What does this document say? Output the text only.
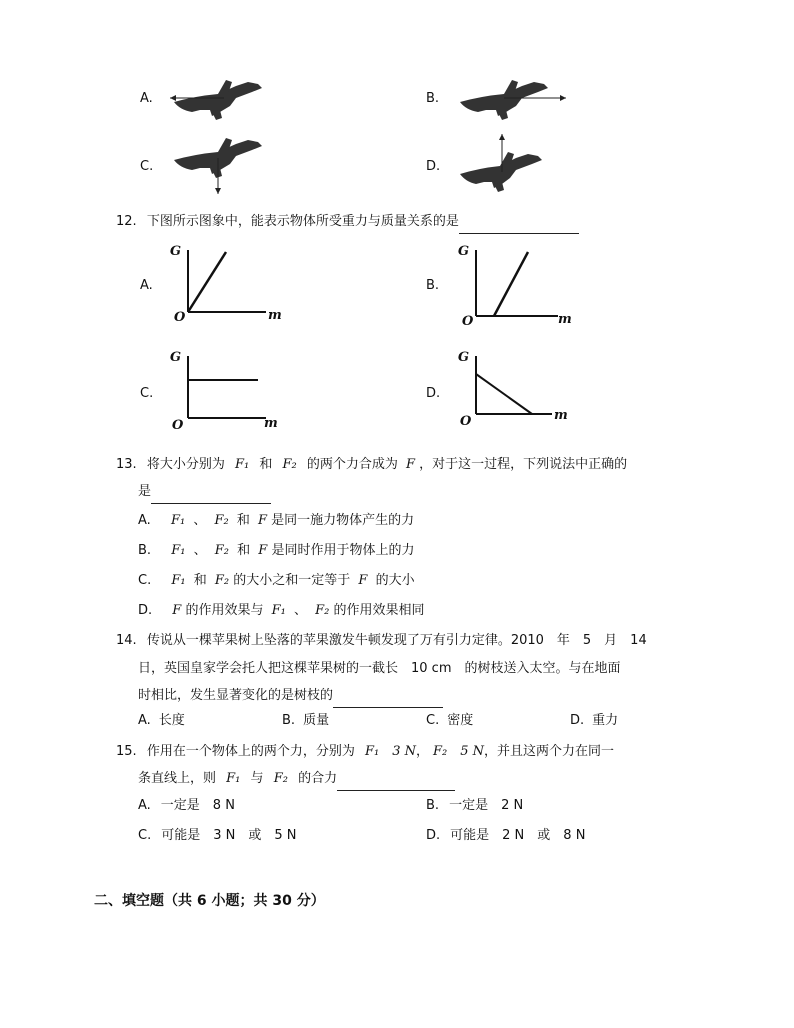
A.	B.
C.	D.
12. 下图所示图象中，能表示物体所受重力与质量关系的是
A.	B.
C.	D.
G
m
O
G
m
O
G
m
O
G
m
O
13. 将大小分别为 F₁ 和 F₂ 的两个力合成为 F ，对于这一过程，下列说法中正确的
是
A. F₁ 、 F₂ 和 F 是同一施力物体产生的力
B. F₁ 、 F₂ 和 F 是同时作用于物体上的力
C. F₁ 和 F₂ 的大小之和一定等于 F 的大小
D. F 的作用效果与 F₁ 、 F₂ 的作用效果相同
14. 传说从一棵苹果树上坠落的苹果激发牛顿发现了万有引力定律。2010　年　5　月　14
日，英国皇家学会托人把这棵苹果树的一截长　10 cm　的树枝送入太空。与在地面
时相比，发生显著变化的是树枝的
A. 长度	B. 质量	C. 密度	D. 重力
15. 作用在一个物体上的两个力，分别为 F₁　3 N， F₂　5 N，并且这两个力在同一
条直线上，则 F₁ 与 F₂ 的合力
A. 一定是　8 N	B. 一定是　2 N
C. 可能是　3 N　或　5 N	D. 可能是　2 N　或　8 N
二、填空题（共 6 小题；共 30 分）
